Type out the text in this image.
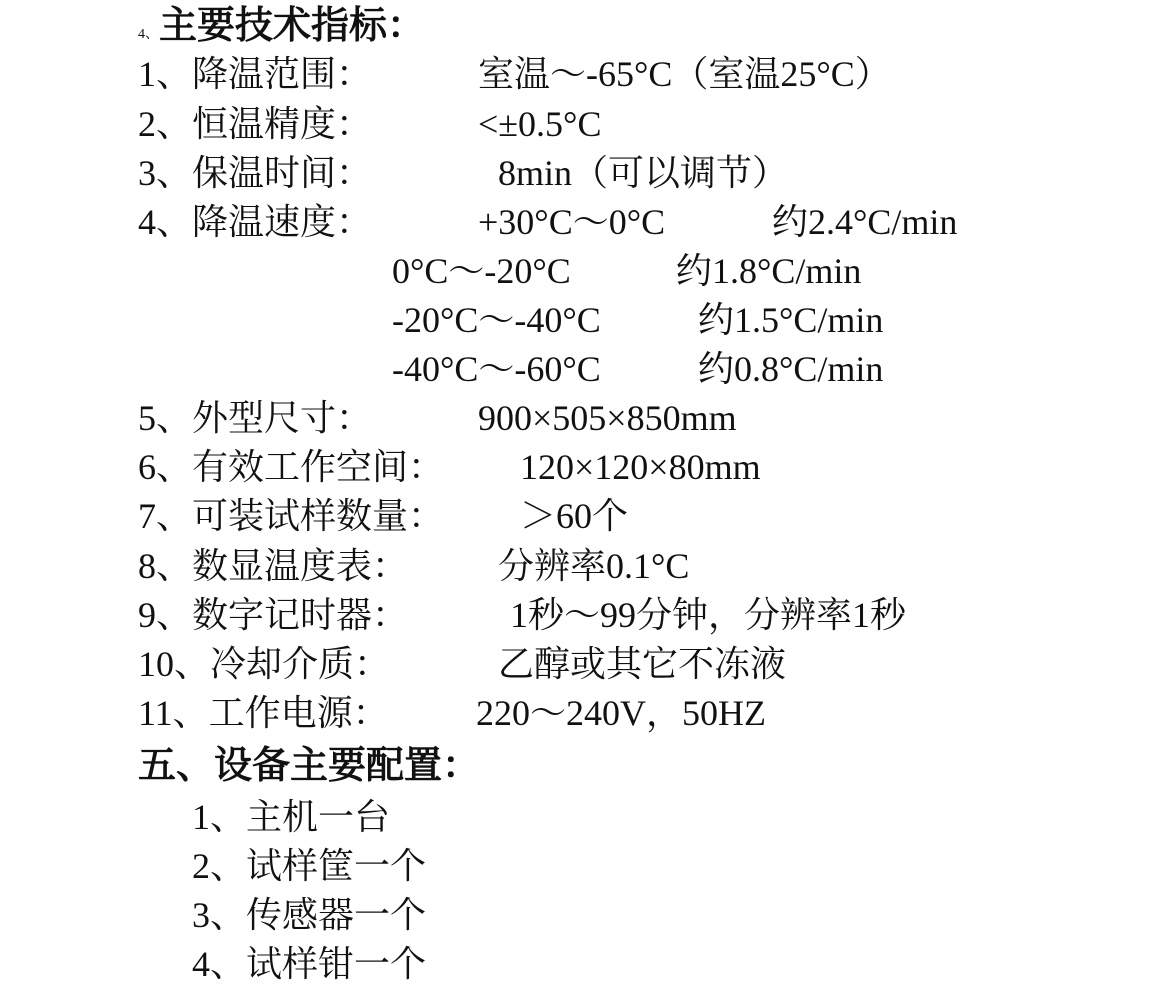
4、主要技术指标：
1、降温范围：	室温～-65°C（室温25°C）
2、恒温精度：	<±0.5°C
3、保温时间：	8min（可以调节）
4、降温速度：	+30°C～0°C	约2.4°C/min
0°C～-20°C	约1.8°C/min
-20°C～-40°C	约1.5°C/min
-40°C～-60°C	约0.8°C/min
5、外型尺寸：	900×505×850mm
6、有效工作空间： 120×120×80mm
7、可装试样数量： ＞60个
8、数显温度表： 分辨率0.1°C
9、数字记时器：	1秒～99分钟，分辨率1秒
10、冷却介质：	乙醇或其它不冻液
11、工作电源： 220～240V，50HZ
五、设备主要配置：
1、主机一台
2、试样筐一个
3、传感器一个
4、试样钳一个
